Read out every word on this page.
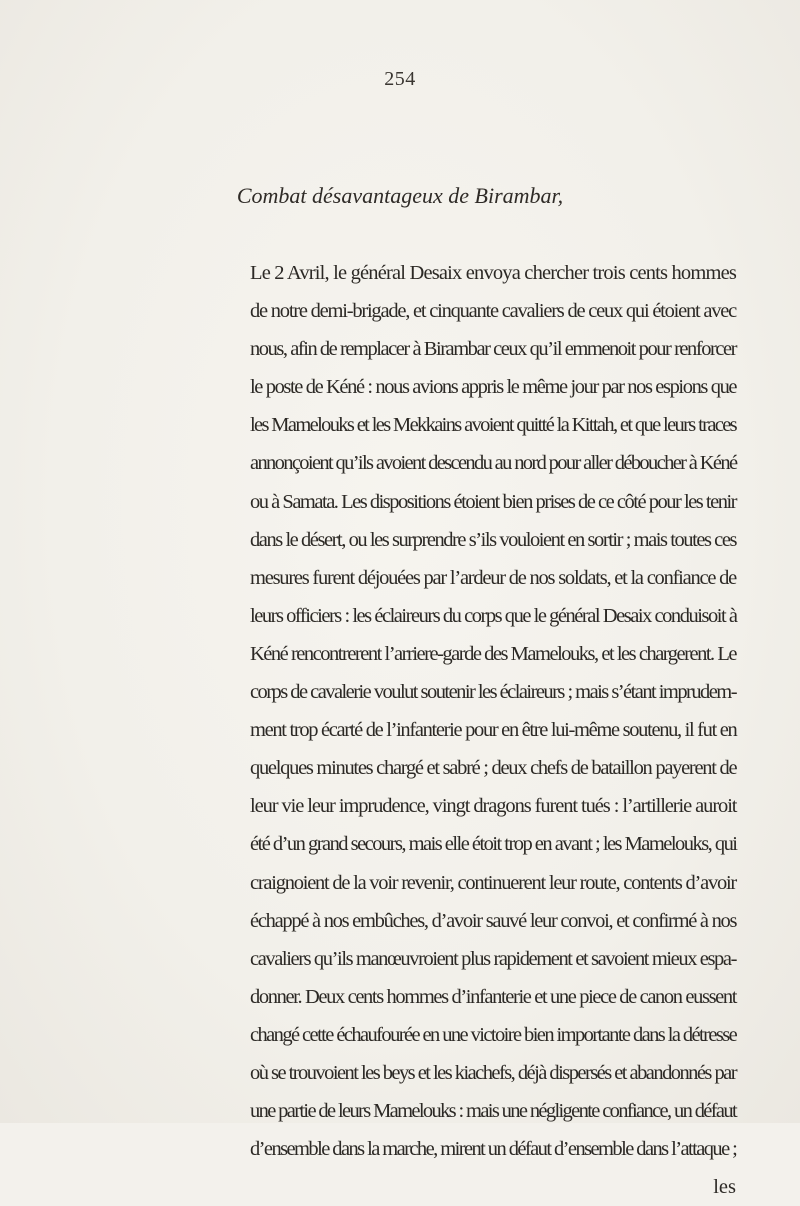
254
Combat désavantageux de Birambar,
Le 2 Avril, le général Desaix envoya chercher trois cents hommes
de notre demi-brigade, et cinquante cavaliers de ceux qui étoient avec
nous, afin de remplacer à Birambar ceux qu’il emmenoit pour renforcer
le poste de Kéné : nous avions appris le même jour par nos espions que
les Mamelouks et les Mekkains avoient quitté la Kittah, et que leurs traces
annonçoient qu’ils avoient descendu au nord pour aller déboucher à Kéné
ou à Samata. Les dispositions étoient bien prises de ce côté pour les tenir
dans le désert, ou les surprendre s’ils vouloient en sortir ; mais toutes ces
mesures furent déjouées par l’ardeur de nos soldats, et la confiance de
leurs officiers : les éclaireurs du corps que le général Desaix conduisoit à
Kéné rencontrerent l’arriere-garde des Mamelouks, et les chargerent. Le
corps de cavalerie voulut soutenir les éclaireurs ; mais s’étant imprudem-
ment trop écarté de l’infanterie pour en être lui-même soutenu, il fut en
quelques minutes chargé et sabré ; deux chefs de bataillon payerent de
leur vie leur imprudence, vingt dragons furent tués : l’artillerie auroit
été d’un grand secours, mais elle étoit trop en avant ; les Mamelouks, qui
craignoient de la voir revenir, continuerent leur route, contents d’avoir
échappé à nos embûches, d’avoir sauvé leur convoi, et confirmé à nos
cavaliers qu’ils manœuvroient plus rapidement et savoient mieux espa-
donner. Deux cents hommes d’infanterie et une piece de canon eussent
changé cette échaufourée en une victoire bien importante dans la détresse
où se trouvoient les beys et les kiachefs, déjà dispersés et abandonnés par
une partie de leurs Mamelouks : mais une négligente confiance, un défaut
d’ensemble dans la marche, mirent un défaut d’ensemble dans l’attaque ;
les
